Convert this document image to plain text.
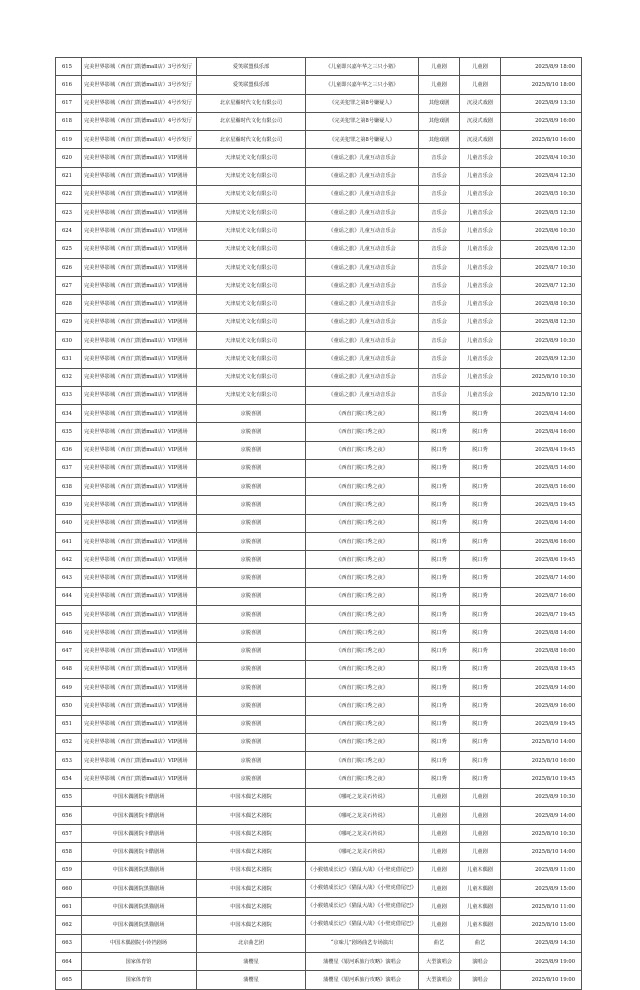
615	完美世界影城（西直门凯德mall店）3号沙发厅	爱笑联盟俱乐部	《儿童即兴嘉年华之三只小猪》	儿童剧	儿童剧	2025/8/9 18:00
616	完美世界影城（西直门凯德mall店）3号沙发厅	爱笑联盟俱乐部	《儿童即兴嘉年华之三只小猪》	儿童剧	儿童剧	2025/8/10 18:00
617	完美世界影城（西直门凯德mall店）4号沙发厅	北京星瀚时代文化有限公司	《完美犯罪之第8号嫌疑人》	其他戏剧	沉浸式戏剧	2025/8/9 13:30
618	完美世界影城（西直门凯德mall店）4号沙发厅	北京星瀚时代文化有限公司	《完美犯罪之第8号嫌疑人》	其他戏剧	沉浸式戏剧	2025/8/9 16:00
619	完美世界影城（西直门凯德mall店）4号沙发厅	北京星瀚时代文化有限公司	《完美犯罪之第8号嫌疑人》	其他戏剧	沉浸式戏剧	2025/8/10 16:00
620	完美世界影城（西直门凯德mall店）VIP剧场	天津辰光文化有限公司	《童谣之旅》儿童互动音乐会	音乐会	儿童音乐会	2025/8/4 10:30
621	完美世界影城（西直门凯德mall店）VIP剧场	天津辰光文化有限公司	《童谣之旅》儿童互动音乐会	音乐会	儿童音乐会	2025/8/4 12:30
622	完美世界影城（西直门凯德mall店）VIP剧场	天津辰光文化有限公司	《童谣之旅》儿童互动音乐会	音乐会	儿童音乐会	2025/8/5 10:30
623	完美世界影城（西直门凯德mall店）VIP剧场	天津辰光文化有限公司	《童谣之旅》儿童互动音乐会	音乐会	儿童音乐会	2025/8/5 12:30
624	完美世界影城（西直门凯德mall店）VIP剧场	天津辰光文化有限公司	《童谣之旅》儿童互动音乐会	音乐会	儿童音乐会	2025/8/6 10:30
625	完美世界影城（西直门凯德mall店）VIP剧场	天津辰光文化有限公司	《童谣之旅》儿童互动音乐会	音乐会	儿童音乐会	2025/8/6 12:30
626	完美世界影城（西直门凯德mall店）VIP剧场	天津辰光文化有限公司	《童谣之旅》儿童互动音乐会	音乐会	儿童音乐会	2025/8/7 10:30
627	完美世界影城（西直门凯德mall店）VIP剧场	天津辰光文化有限公司	《童谣之旅》儿童互动音乐会	音乐会	儿童音乐会	2025/8/7 12:30
628	完美世界影城（西直门凯德mall店）VIP剧场	天津辰光文化有限公司	《童谣之旅》儿童互动音乐会	音乐会	儿童音乐会	2025/8/8 10:30
629	完美世界影城（西直门凯德mall店）VIP剧场	天津辰光文化有限公司	《童谣之旅》儿童互动音乐会	音乐会	儿童音乐会	2025/8/8 12:30
630	完美世界影城（西直门凯德mall店）VIP剧场	天津辰光文化有限公司	《童谣之旅》儿童互动音乐会	音乐会	儿童音乐会	2025/8/9 10:30
631	完美世界影城（西直门凯德mall店）VIP剧场	天津辰光文化有限公司	《童谣之旅》儿童互动音乐会	音乐会	儿童音乐会	2025/8/9 12:30
632	完美世界影城（西直门凯德mall店）VIP剧场	天津辰光文化有限公司	《童谣之旅》儿童互动音乐会	音乐会	儿童音乐会	2025/8/10 10:30
633	完美世界影城（西直门凯德mall店）VIP剧场	天津辰光文化有限公司	《童谣之旅》儿童互动音乐会	音乐会	儿童音乐会	2025/8/10 12:30
634	完美世界影城（西直门凯德mall店）VIP剧场	京脱喜剧	《西直门脱口秀之夜》	脱口秀	脱口秀	2025/8/4 14:00
635	完美世界影城（西直门凯德mall店）VIP剧场	京脱喜剧	《西直门脱口秀之夜》	脱口秀	脱口秀	2025/8/4 16:00
636	完美世界影城（西直门凯德mall店）VIP剧场	京脱喜剧	《西直门脱口秀之夜》	脱口秀	脱口秀	2025/8/4 19:45
637	完美世界影城（西直门凯德mall店）VIP剧场	京脱喜剧	《西直门脱口秀之夜》	脱口秀	脱口秀	2025/8/5 14:00
638	完美世界影城（西直门凯德mall店）VIP剧场	京脱喜剧	《西直门脱口秀之夜》	脱口秀	脱口秀	2025/8/5 16:00
639	完美世界影城（西直门凯德mall店）VIP剧场	京脱喜剧	《西直门脱口秀之夜》	脱口秀	脱口秀	2025/8/5 19:45
640	完美世界影城（西直门凯德mall店）VIP剧场	京脱喜剧	《西直门脱口秀之夜》	脱口秀	脱口秀	2025/8/6 14:00
641	完美世界影城（西直门凯德mall店）VIP剧场	京脱喜剧	《西直门脱口秀之夜》	脱口秀	脱口秀	2025/8/6 16:00
642	完美世界影城（西直门凯德mall店）VIP剧场	京脱喜剧	《西直门脱口秀之夜》	脱口秀	脱口秀	2025/8/6 19:45
643	完美世界影城（西直门凯德mall店）VIP剧场	京脱喜剧	《西直门脱口秀之夜》	脱口秀	脱口秀	2025/8/7 14:00
644	完美世界影城（西直门凯德mall店）VIP剧场	京脱喜剧	《西直门脱口秀之夜》	脱口秀	脱口秀	2025/8/7 16:00
645	完美世界影城（西直门凯德mall店）VIP剧场	京脱喜剧	《西直门脱口秀之夜》	脱口秀	脱口秀	2025/8/7 19:45
646	完美世界影城（西直门凯德mall店）VIP剧场	京脱喜剧	《西直门脱口秀之夜》	脱口秀	脱口秀	2025/8/8 14:00
647	完美世界影城（西直门凯德mall店）VIP剧场	京脱喜剧	《西直门脱口秀之夜》	脱口秀	脱口秀	2025/8/8 16:00
648	完美世界影城（西直门凯德mall店）VIP剧场	京脱喜剧	《西直门脱口秀之夜》	脱口秀	脱口秀	2025/8/8 19:45
649	完美世界影城（西直门凯德mall店）VIP剧场	京脱喜剧	《西直门脱口秀之夜》	脱口秀	脱口秀	2025/8/9 14:00
650	完美世界影城（西直门凯德mall店）VIP剧场	京脱喜剧	《西直门脱口秀之夜》	脱口秀	脱口秀	2025/8/9 16:00
651	完美世界影城（西直门凯德mall店）VIP剧场	京脱喜剧	《西直门脱口秀之夜》	脱口秀	脱口秀	2025/8/9 19:45
652	完美世界影城（西直门凯德mall店）VIP剧场	京脱喜剧	《西直门脱口秀之夜》	脱口秀	脱口秀	2025/8/10 14:00
653	完美世界影城（西直门凯德mall店）VIP剧场	京脱喜剧	《西直门脱口秀之夜》	脱口秀	脱口秀	2025/8/10 16:00
654	完美世界影城（西直门凯德mall店）VIP剧场	京脱喜剧	《西直门脱口秀之夜》	脱口秀	脱口秀	2025/8/10 19:45
655	中国木偶剧院卡酷剧场	中国木偶艺术剧院	《哪吒之龙灵石传说》	儿童剧	儿童剧	2025/8/9 10:30
656	中国木偶剧院卡酷剧场	中国木偶艺术剧院	《哪吒之龙灵石传说》	儿童剧	儿童剧	2025/8/9 14:00
657	中国木偶剧院卡酷剧场	中国木偶艺术剧院	《哪吒之龙灵石传说》	儿童剧	儿童剧	2025/8/10 10:30
658	中国木偶剧院卡酷剧场	中国木偶艺术剧院	《哪吒之龙灵石传说》	儿童剧	儿童剧	2025/8/10 14:00
659	中国木偶剧院黑猫剧场	中国木偶艺术剧院	《小猴嬉成长记》《猫鼠大战》《小壁虎借尾巴》	儿童剧	儿童木偶剧	2025/8/9 11:00
660	中国木偶剧院黑猫剧场	中国木偶艺术剧院	《小猴嬉成长记》《猫鼠大战》《小壁虎借尾巴》	儿童剧	儿童木偶剧	2025/8/9 15:00
661	中国木偶剧院黑猫剧场	中国木偶艺术剧院	《小猴嬉成长记》《猫鼠大战》《小壁虎借尾巴》	儿童剧	儿童木偶剧	2025/8/10 11:00
662	中国木偶剧院黑猫剧场	中国木偶艺术剧院	《小猴嬉成长记》《猫鼠大战》《小壁虎借尾巴》	儿童剧	儿童木偶剧	2025/8/10 15:00
663	中国木偶剧院小铃铛剧场	北京曲艺团	“京味儿”剧场曲艺专场演出	曲艺	曲艺	2025/8/9 14:30
664	国家体育馆	蒲樱星	蒲樱星《银河系旅行攻略》演唱会	大型演唱会	演唱会	2025/8/9 19:00
665	国家体育馆	蒲樱星	蒲樱星《银河系旅行攻略》演唱会	大型演唱会	演唱会	2025/8/10 19:00
